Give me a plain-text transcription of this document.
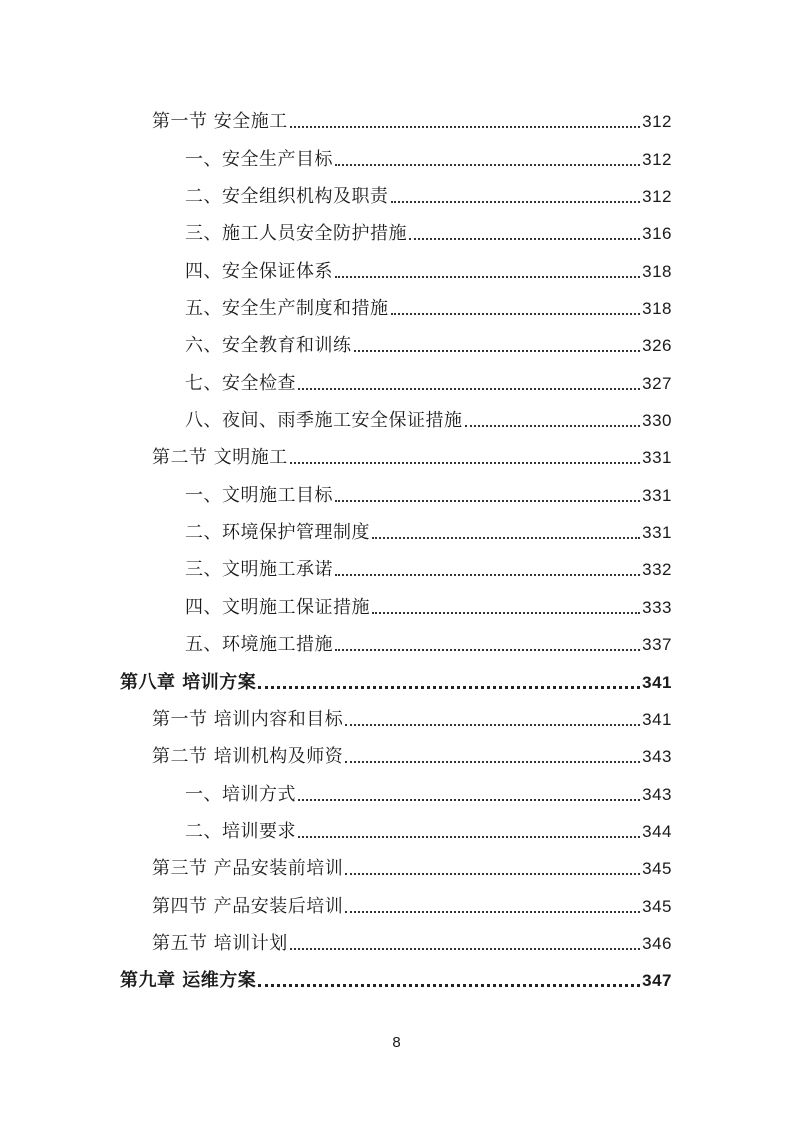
第一节 安全施工	312
一、安全生产目标	312
二、安全组织机构及职责	312
三、施工人员安全防护措施	316
四、安全保证体系	318
五、安全生产制度和措施	318
六、安全教育和训练	326
七、安全检查	327
八、夜间、雨季施工安全保证措施	330
第二节 文明施工	331
一、文明施工目标	331
二、环境保护管理制度	331
三、文明施工承诺	332
四、文明施工保证措施	333
五、环境施工措施	337
第八章 培训方案	341
第一节 培训内容和目标	341
第二节 培训机构及师资	343
一、培训方式	343
二、培训要求	344
第三节 产品安装前培训	345
第四节 产品安装后培训	345
第五节 培训计划	346
第九章 运维方案	347
8
